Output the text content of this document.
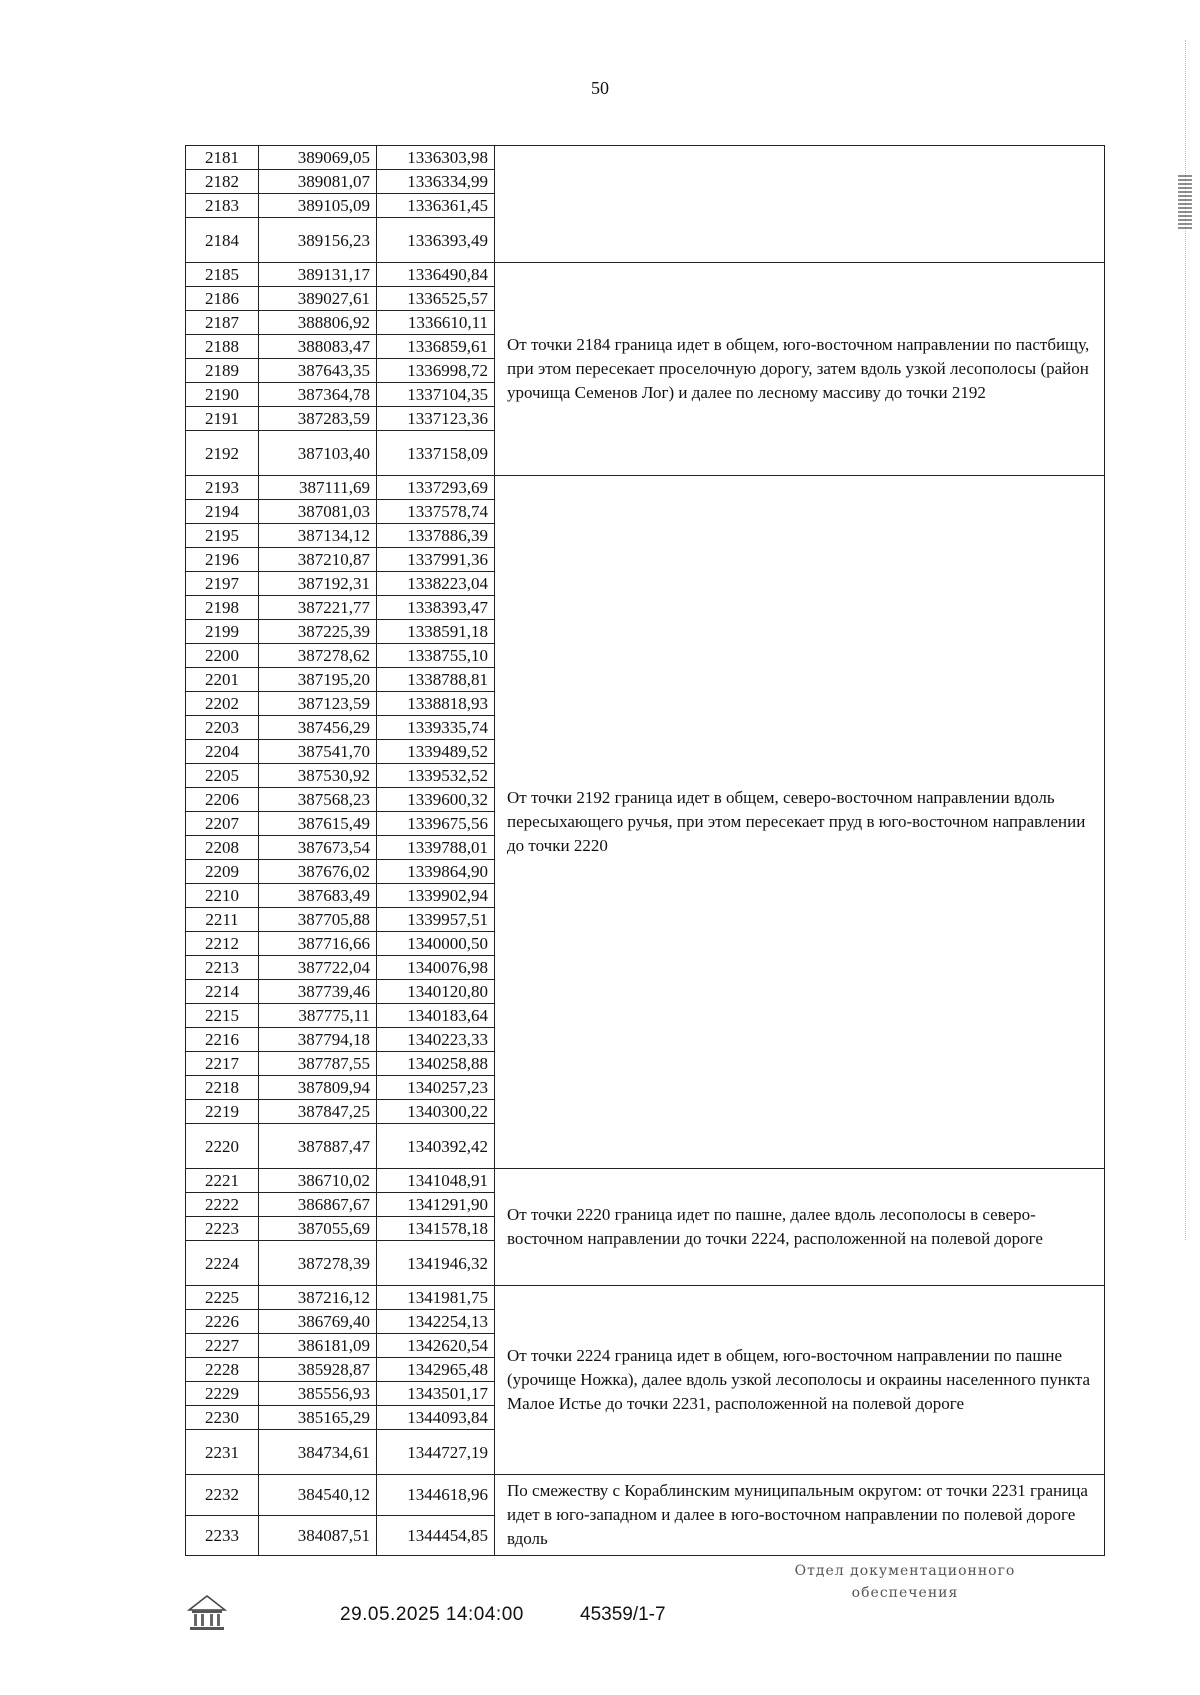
50
2181	389069,05	1336303,98	
2182	389081,07	1336334,99	
2183	389105,09	1336361,45	
2184	389156,23	1336393,49	
2185	389131,17	1336490,84	От точки 2184 граница идет в общем, юго-восточном направлении по пастбищу, при этом пересекает проселочную дорогу, затем вдоль узкой лесополосы (район урочища Семенов Лог) и далее по лесному массиву до точки 2192
2186	389027,61	1336525,57	
2187	388806,92	1336610,11	
2188	388083,47	1336859,61	
2189	387643,35	1336998,72	
2190	387364,78	1337104,35	
2191	387283,59	1337123,36	
2192	387103,40	1337158,09	
2193	387111,69	1337293,69	От точки 2192 граница идет в общем, северо-восточном направлении вдоль пересыхающего ручья, при этом пересекает пруд в юго-восточном направлении до точки 2220
2194	387081,03	1337578,74	
2195	387134,12	1337886,39	
2196	387210,87	1337991,36	
2197	387192,31	1338223,04	
2198	387221,77	1338393,47	
2199	387225,39	1338591,18	
2200	387278,62	1338755,10	
2201	387195,20	1338788,81	
2202	387123,59	1338818,93	
2203	387456,29	1339335,74	
2204	387541,70	1339489,52	
2205	387530,92	1339532,52	
2206	387568,23	1339600,32	
2207	387615,49	1339675,56	
2208	387673,54	1339788,01	
2209	387676,02	1339864,90	
2210	387683,49	1339902,94	
2211	387705,88	1339957,51	
2212	387716,66	1340000,50	
2213	387722,04	1340076,98	
2214	387739,46	1340120,80	
2215	387775,11	1340183,64	
2216	387794,18	1340223,33	
2217	387787,55	1340258,88	
2218	387809,94	1340257,23	
2219	387847,25	1340300,22	
2220	387887,47	1340392,42	
2221	386710,02	1341048,91	От точки 2220 граница идет по пашне, далее вдоль лесополосы в северо-восточном направлении до точки 2224, расположенной на полевой дороге
2222	386867,67	1341291,90	
2223	387055,69	1341578,18	
2224	387278,39	1341946,32	
2225	387216,12	1341981,75	От точки 2224 граница идет в общем, юго-восточном направлении по пашне (урочище Ножка), далее вдоль узкой лесополосы и окраины населенного пункта Малое Истье до точки 2231, расположенной на полевой дороге
2226	386769,40	1342254,13	
2227	386181,09	1342620,54	
2228	385928,87	1342965,48	
2229	385556,93	1343501,17	
2230	385165,29	1344093,84	
2231	384734,61	1344727,19	
2232	384540,12	1344618,96	По смежеству с Кораблинским муниципальным округом: от точки 2231 граница идет в юго-западном и далее в юго-восточном направлении по полевой дороге вдоль
2233	384087,51	1344454,85	
29.05.2025 14:04:00	45359/1-7
Отдел документационного
обеспечения
